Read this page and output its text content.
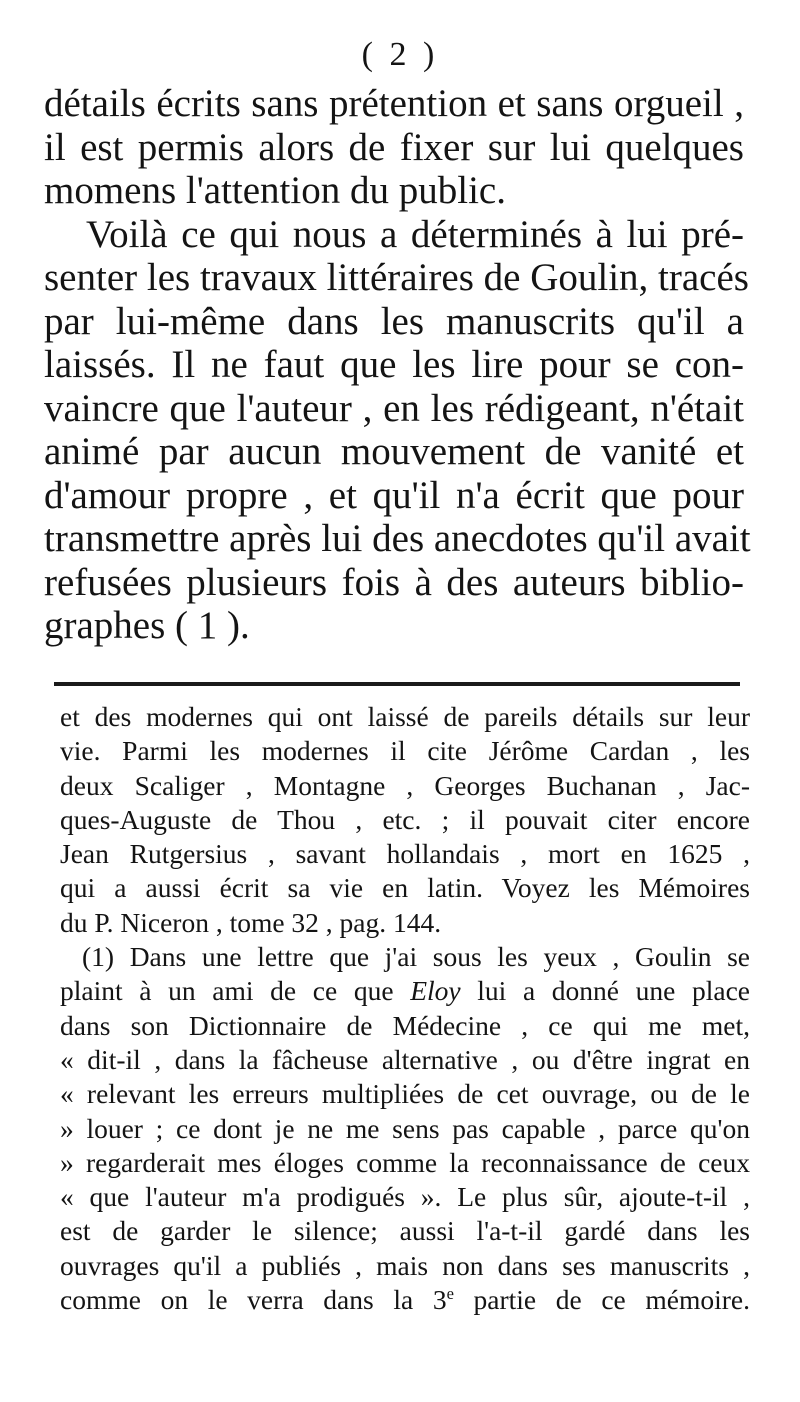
( 2 )
détails écrits sans prétention et sans orgueil ,
il est permis alors de fixer sur lui quelques
momens l'attention du public.
Voilà ce qui nous a déterminés à lui pré-
senter les travaux littéraires de Goulin, tracés
par lui-même dans les manuscrits qu'il a
laissés. Il ne faut que les lire pour se con-
vaincre que l'auteur , en les rédigeant, n'était
animé par aucun mouvement de vanité et
d'amour propre , et qu'il n'a écrit que pour
transmettre après lui des anecdotes qu'il avait
refusées plusieurs fois à des auteurs biblio-
graphes ( 1 ).
et des modernes qui ont laissé de pareils détails sur leur
vie. Parmi les modernes il cite Jérôme Cardan , les
deux Scaliger , Montagne , Georges Buchanan , Jac-
ques-Auguste de Thou , etc. ; il pouvait citer encore
Jean Rutgersius , savant hollandais , mort en 1625 ,
qui a aussi écrit sa vie en latin. Voyez les Mémoires
du P. Niceron , tome 32 , pag. 144.
(1) Dans une lettre que j'ai sous les yeux , Goulin se
plaint à un ami de ce que Eloy lui a donné une place
dans son Dictionnaire de Médecine , ce qui me met,
« dit-il , dans la fâcheuse alternative , ou d'être ingrat en
« relevant les erreurs multipliées de cet ouvrage, ou de le
» louer ; ce dont je ne me sens pas capable , parce qu'on
» regarderait mes éloges comme la reconnaissance de ceux
« que l'auteur m'a prodigués ». Le plus sûr, ajoute-t-il ,
est de garder le silence; aussi l'a-t-il gardé dans les
ouvrages qu'il a publiés , mais non dans ses manuscrits ,
comme on le verra dans la 3e partie de ce mémoire.
